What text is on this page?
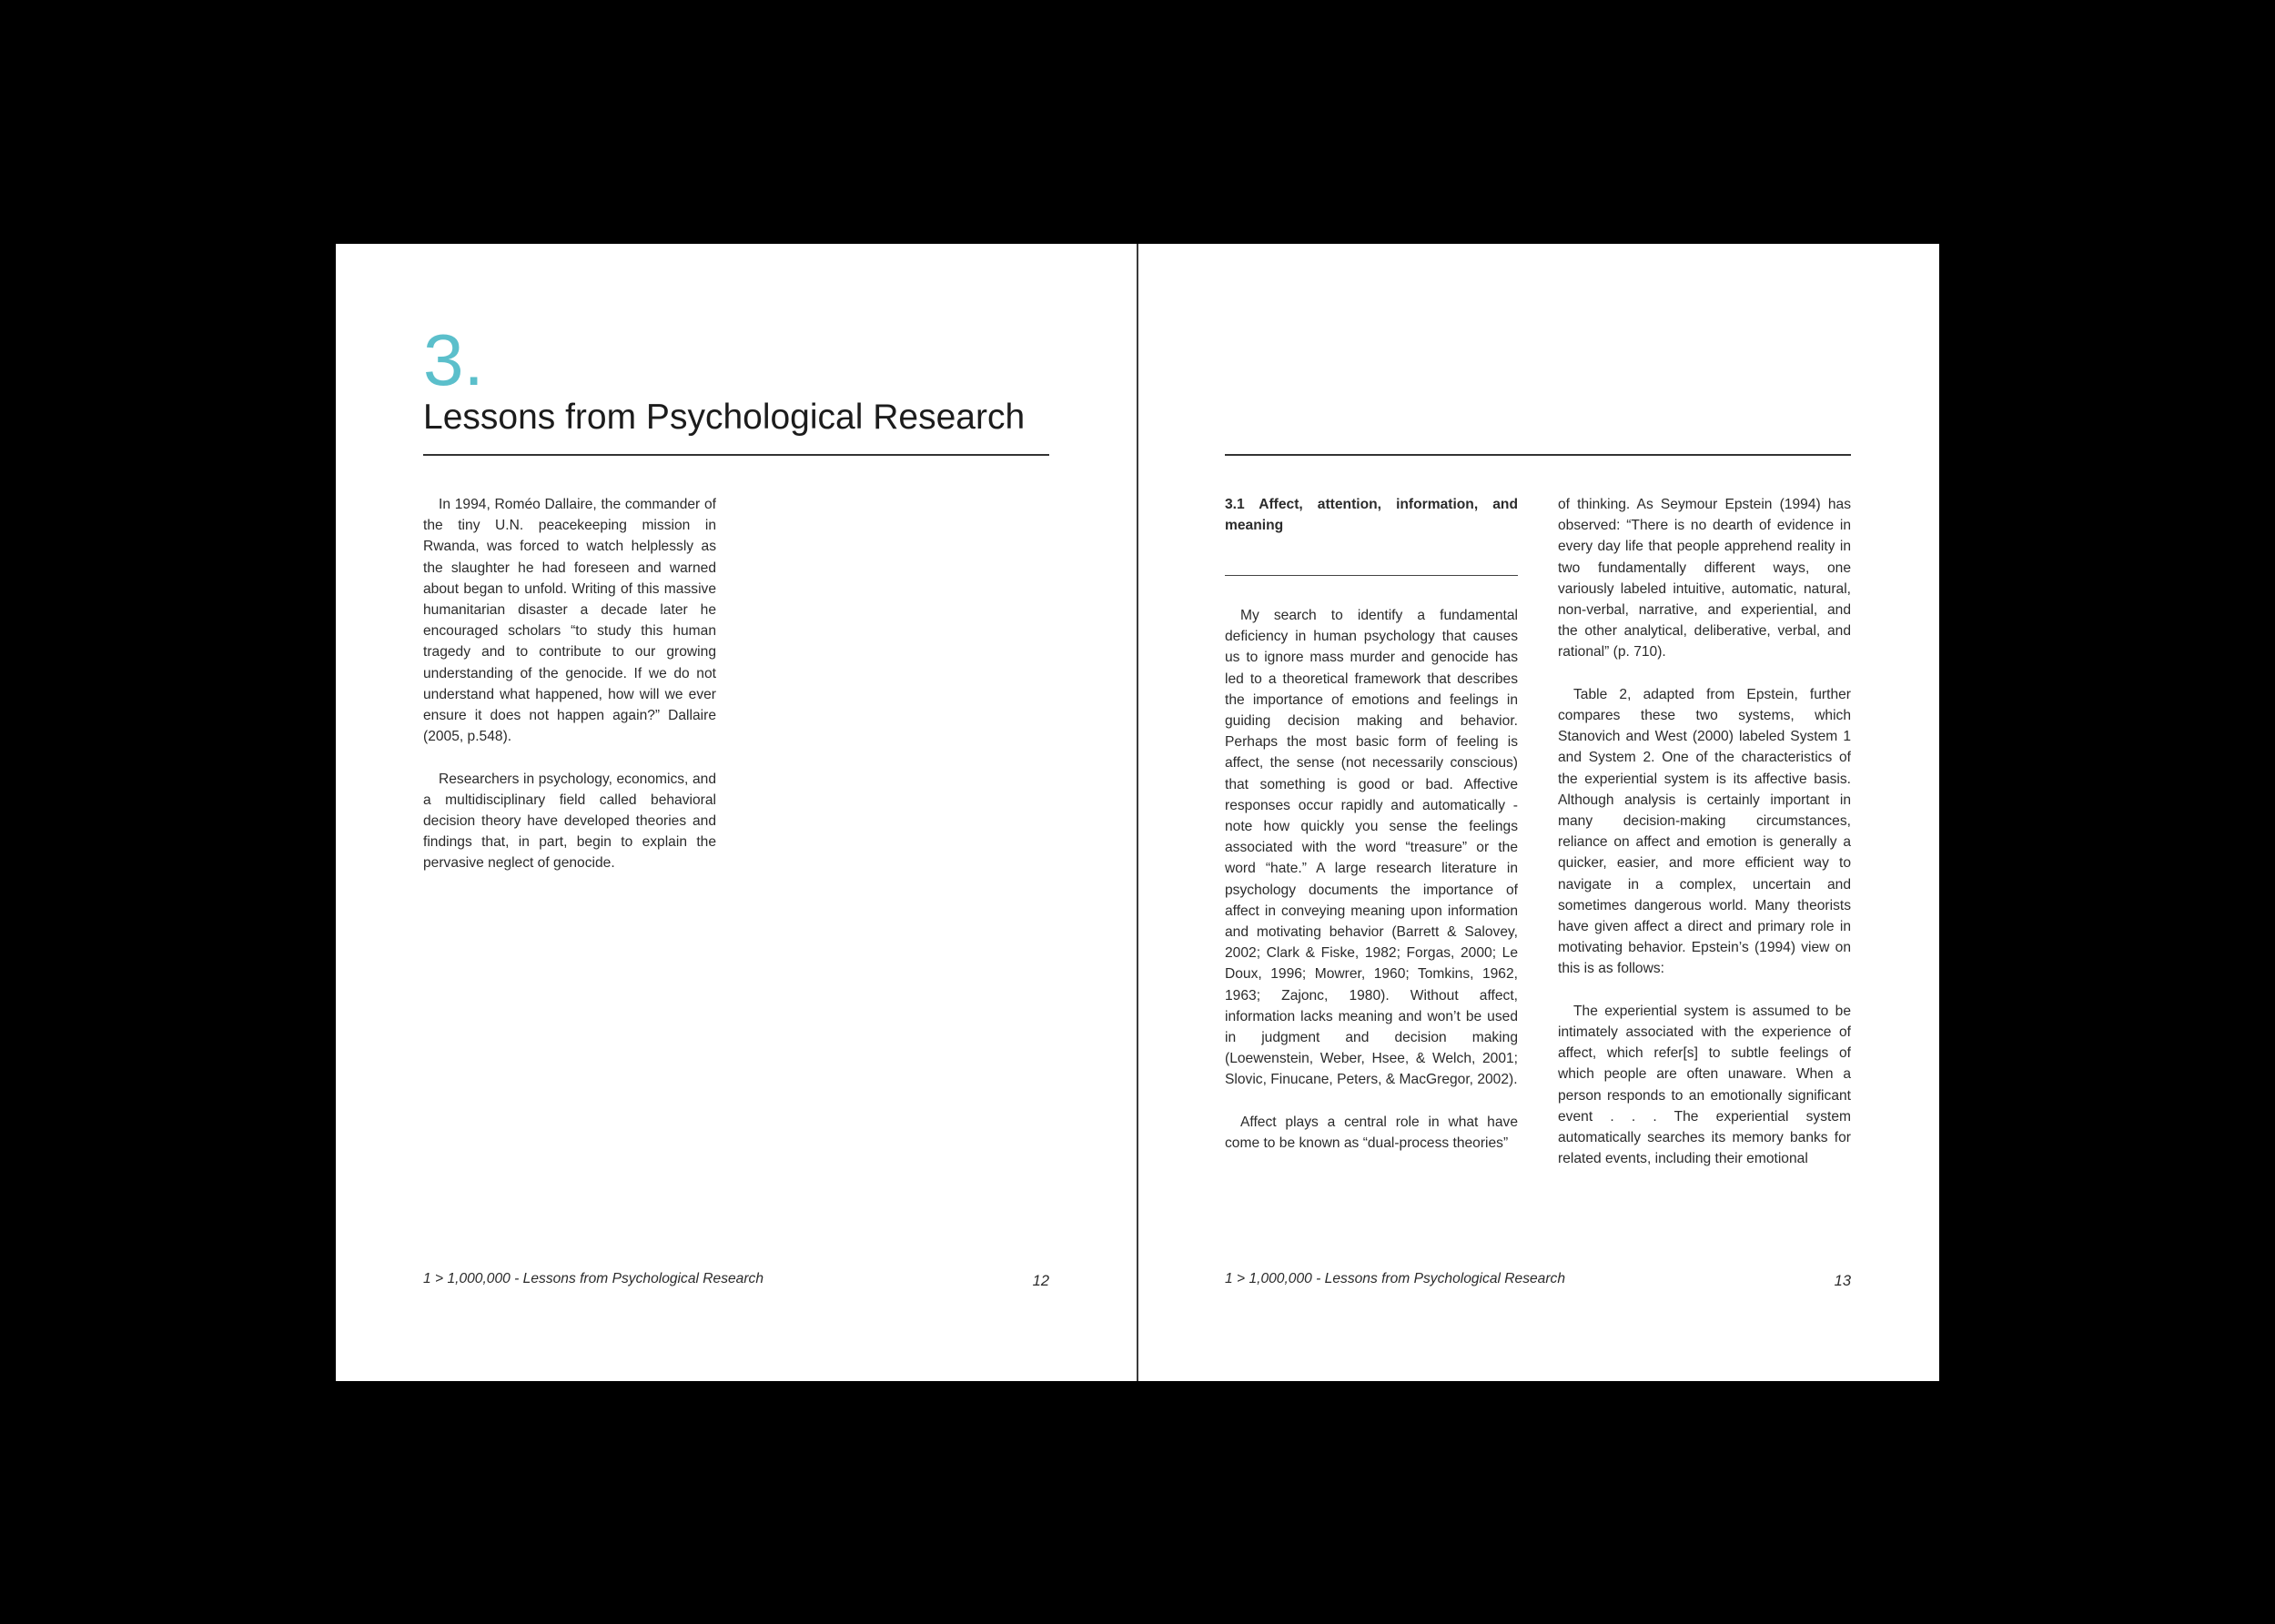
3.
Lessons from Psychological Research

In 1994, Roméo Dallaire, the commander of the tiny U.N. peacekeeping mission in Rwanda, was forced to watch helplessly as the slaughter he had foreseen and warned about began to unfold. Writing of this massive humanitarian disaster a decade later he encouraged scholars “to study this human tragedy and to contribute to our growing understanding of the genocide. If we do not understand what happened, how will we ever ensure it does not happen again?” Dallaire (2005, p.548).

Researchers in psychology, economics, and a multidisciplinary field called behavioral decision theory have developed theories and findings that, in part, begin to explain the pervasive neglect of genocide.

1 > 1,000,000 - Lessons from Psychological Research	12
3.1 Affect, attention, information, and meaning

My search to identify a fundamental deficiency in human psychology that causes us to ignore mass murder and genocide has led to a theoretical framework that describes the importance of emotions and feelings in guiding decision making and behavior. Perhaps the most basic form of feeling is affect, the sense (not necessarily conscious) that something is good or bad. Affective responses occur rapidly and automatically - note how quickly you sense the feelings associated with the word “treasure” or the word “hate.” A large research literature in psychology documents the importance of affect in conveying meaning upon information and motivating behavior (Barrett & Salovey, 2002; Clark & Fiske, 1982; Forgas, 2000; Le Doux, 1996; Mowrer, 1960; Tomkins, 1962, 1963; Zajonc, 1980). Without affect, information lacks meaning and won’t be used in judgment and decision making (Loewenstein, Weber, Hsee, & Welch, 2001; Slovic, Finucane, Peters, & MacGregor, 2002).

Affect plays a central role in what have come to be known as “dual-process theories”

of thinking. As Seymour Epstein (1994) has observed: “There is no dearth of evidence in every day life that people apprehend reality in two fundamentally different ways, one variously labeled intuitive, automatic, natural, non-verbal, narrative, and experiential, and the other analytical, deliberative, verbal, and rational” (p. 710).

Table 2, adapted from Epstein, further compares these two systems, which Stanovich and West (2000) labeled System 1 and System 2. One of the characteristics of the experiential system is its affective basis. Although analysis is certainly important in many decision-making circumstances, reliance on affect and emotion is generally a quicker, easier, and more efficient way to navigate in a complex, uncertain and sometimes dangerous world. Many theorists have given affect a direct and primary role in motivating behavior. Epstein’s (1994) view on this is as follows:

The experiential system is assumed to be intimately associated with the experience of affect, which refer[s] to subtle feelings of which people are often unaware. When a person responds to an emotionally significant event . . . The experiential system automatically searches its memory banks for related events, including their emotional

1 > 1,000,000 - Lessons from Psychological Research	13
